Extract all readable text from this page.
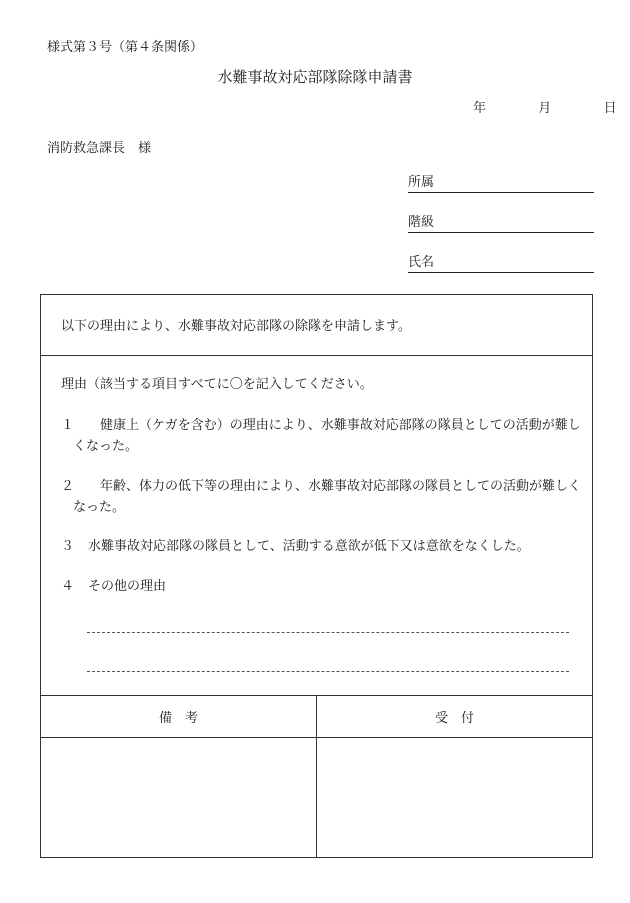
様式第３号（第４条関係）
水難事故対応部隊除隊申請書
年	月	日
消防救急課長　様
所属
階級
氏名
以下の理由により、水難事故対応部隊の除隊を申請します。
理由（該当する項目すべてに〇を記入してください。
１	健康上（ケガを含む）の理由により、水難事故対応部隊の隊員としての活動が難しくなった。
２	年齢、体力の低下等の理由により、水難事故対応部隊の隊員としての活動が難しくなった。
３	水難事故対応部隊の隊員として、活動する意欲が低下又は意欲をなくした。
４	その他の理由
備　考	受　付
